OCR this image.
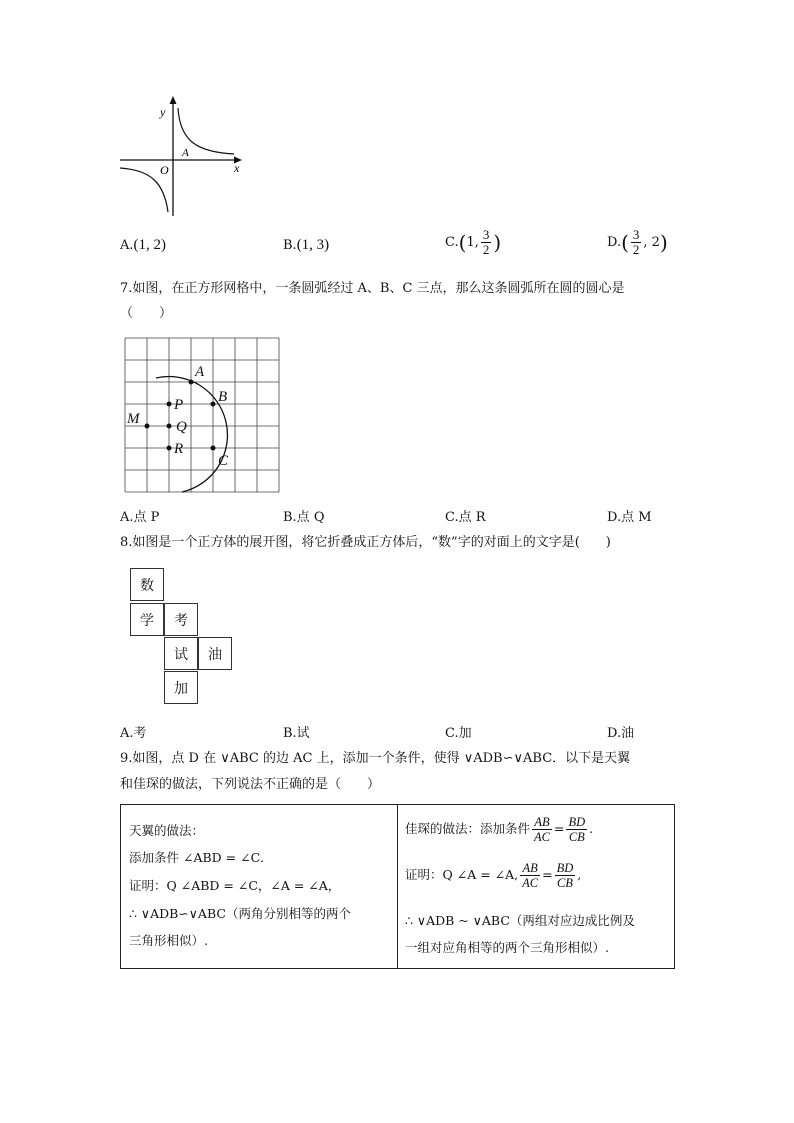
y
x
O
A
A.(1, 2)	B.(1, 3)	C.(1, $\frac{3}{2}$ )	$D.( \frac{3}{2}$ , 2)
7.如图，在正方形网格中，一条圆弧经过 A、B、C 三点，那么这条圆弧所在圆的圆心是
（　　）
A
B
C
P
Q
R
M
A.点 P	B.点 Q	C.点 R	D.点 M
8.如图是一个正方体的展开图，将它折叠成正方体后，“数”字的对面上的文字是(　　)
数
学	考
试	油
加
A.考	B.试	C.加	D.油
9.如图，点 D 在 ∨ABC 的边 AC 上，添加一个条件，使得 ∨ADB∽∨ABC．以下是天翼
和佳琛的做法，下列说法不正确的是（　　）
天翼的做法：
添加条件 ∠ABD = ∠C．
证明：Q ∠ABD = ∠C，∠A = ∠A，
∴ ∨ADB∽∨ABC（两角分别相等的两个
三角形相似）.
佳琛的做法：添加条件 $\frac{AB}{AC} = \frac{BD}{CB}$ .
证明：Q ∠A = ∠A, $\frac{AB}{AC} = \frac{BD}{CB}$ ,
∴ ∨ADB ~ ∨ABC（两组对应边成比例及
一组对应角相等的两个三角形相似）.
